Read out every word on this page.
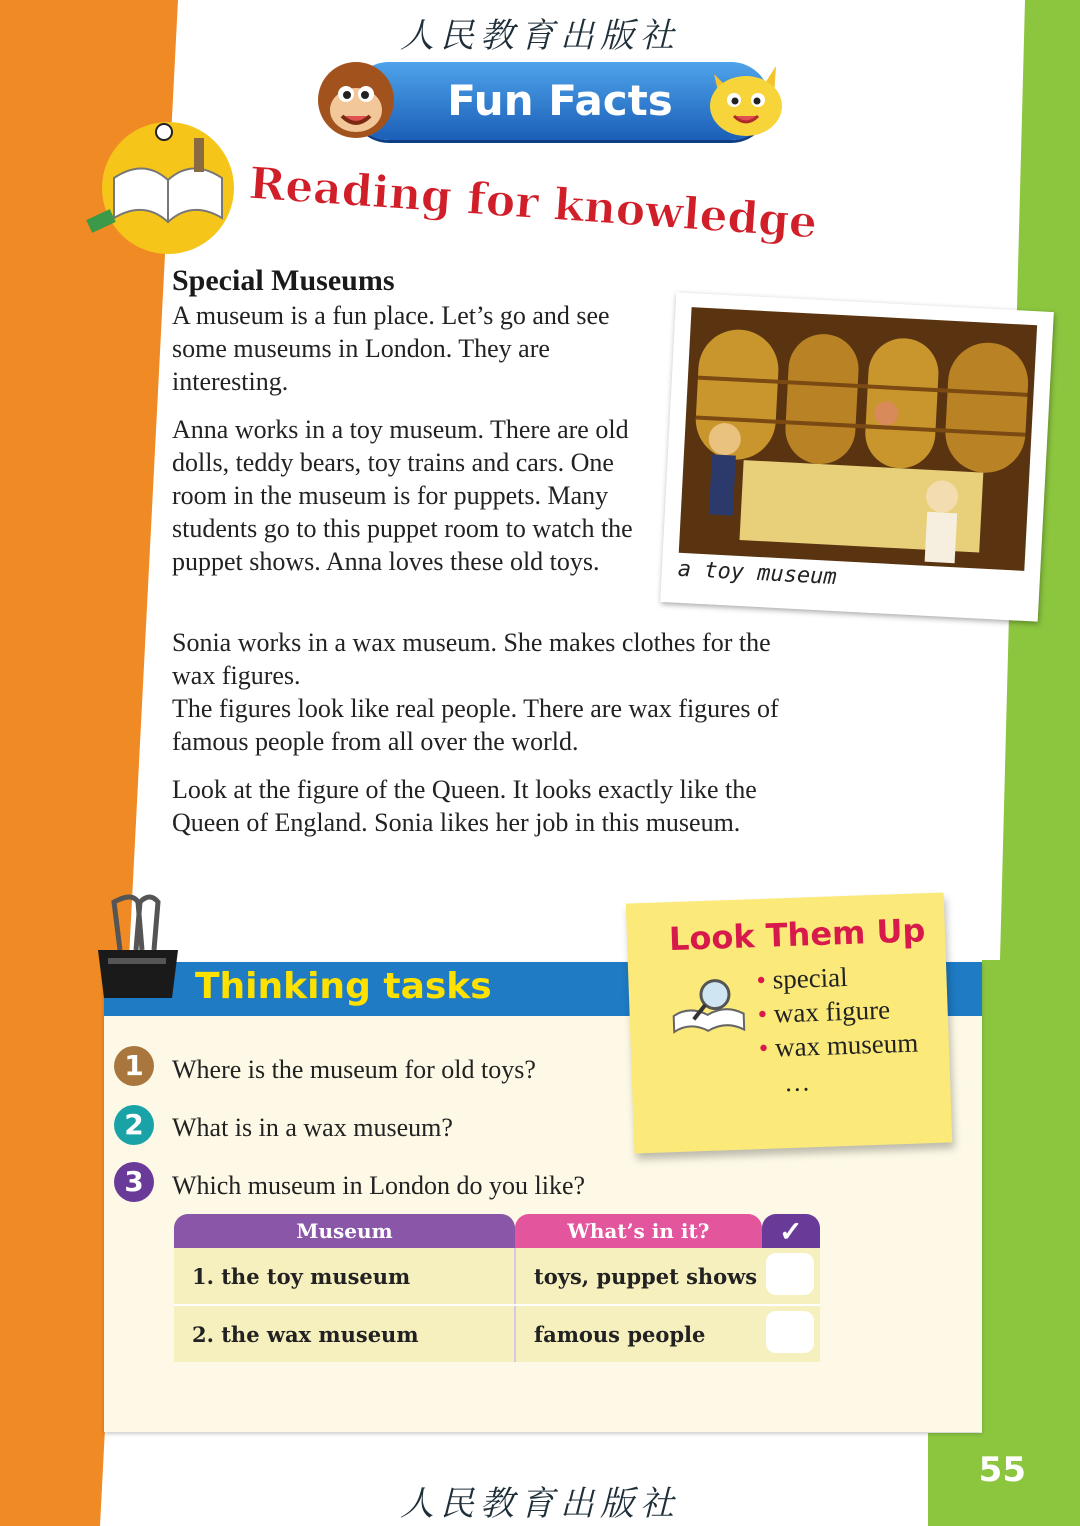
人民教育出版社
Fun Facts
Reading for knowledge
Special Museums

A museum is a fun place. Let’s go and see some museums in London. They are interesting.

Anna works in a toy museum. There are old dolls, teddy bears, toy trains and cars. One room in the museum is for puppets. Many students go to this puppet room to watch the puppet shows. Anna loves these old toys.

Sonia works in a wax museum. She makes clothes for the wax figures.

The figures look like real people. There are wax figures of famous people from all over the world.

Look at the figure of the Queen. It looks exactly like the Queen of England. Sonia likes her job in this museum.

a toy museum
Thinking tasks
1	Where is the museum for old toys?
2	What is in a wax museum?
3	Which museum in London do you like?
Look Them Up
• special
• wax figure
• wax museum
…
Museum	What’s in it?	✓
1. the toy museum	toys, puppet shows	
2. the wax museum	famous people	
55
人民教育出版社
